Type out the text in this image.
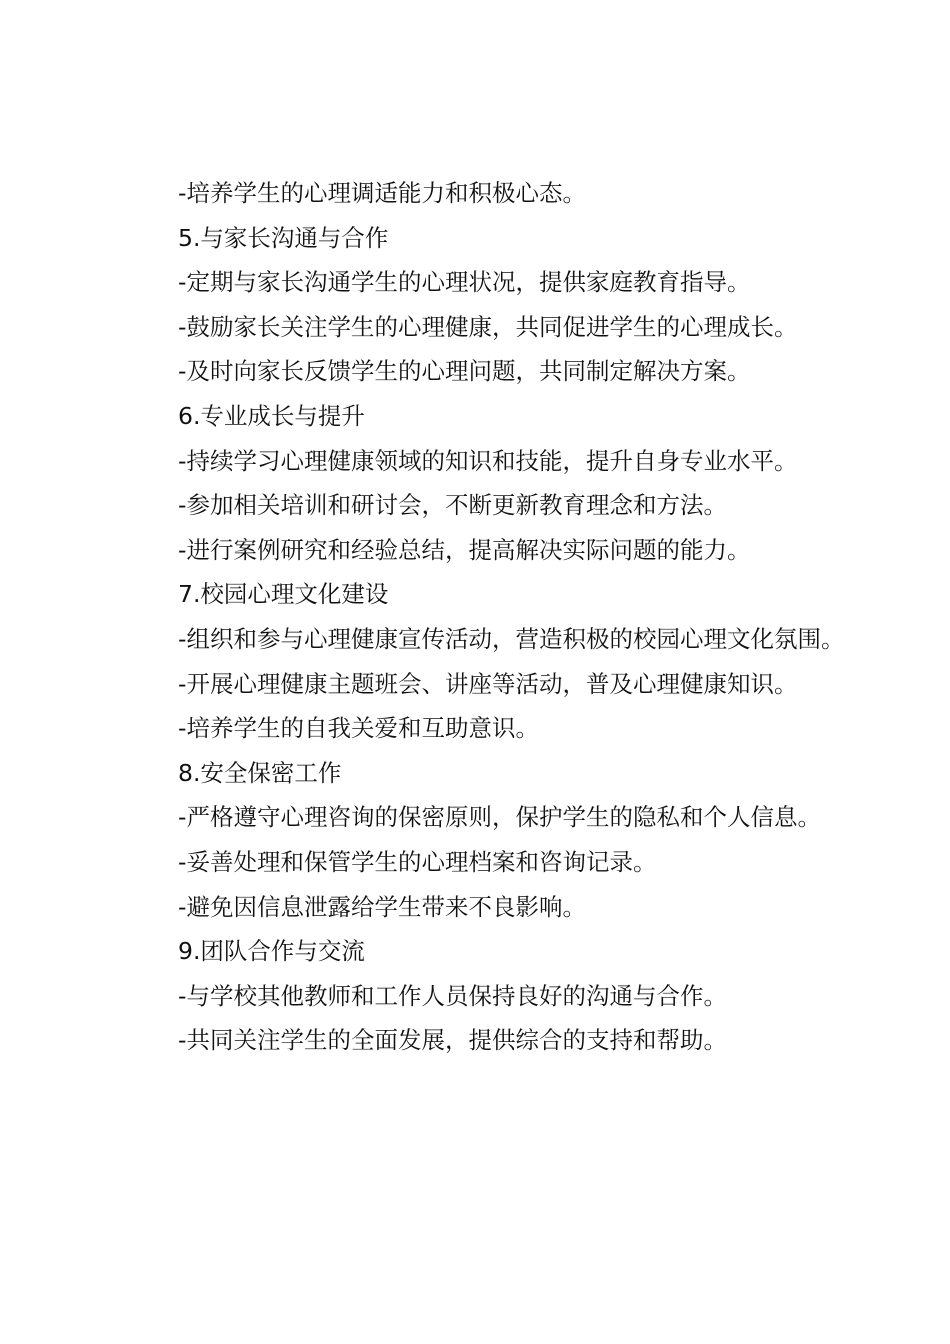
-培养学生的心理调适能力和积极心态。

5.与家长沟通与合作

-定期与家长沟通学生的心理状况，提供家庭教育指导。

-鼓励家长关注学生的心理健康，共同促进学生的心理成长。

-及时向家长反馈学生的心理问题，共同制定解决方案。

6.专业成长与提升

-持续学习心理健康领域的知识和技能，提升自身专业水平。

-参加相关培训和研讨会，不断更新教育理念和方法。

-进行案例研究和经验总结，提高解决实际问题的能力。

7.校园心理文化建设

-组织和参与心理健康宣传活动，营造积极的校园心理文化氛围。

-开展心理健康主题班会、讲座等活动，普及心理健康知识。

-培养学生的自我关爱和互助意识。

8.安全保密工作

-严格遵守心理咨询的保密原则，保护学生的隐私和个人信息。

-妥善处理和保管学生的心理档案和咨询记录。

-避免因信息泄露给学生带来不良影响。

9.团队合作与交流

-与学校其他教师和工作人员保持良好的沟通与合作。

-共同关注学生的全面发展，提供综合的支持和帮助。
